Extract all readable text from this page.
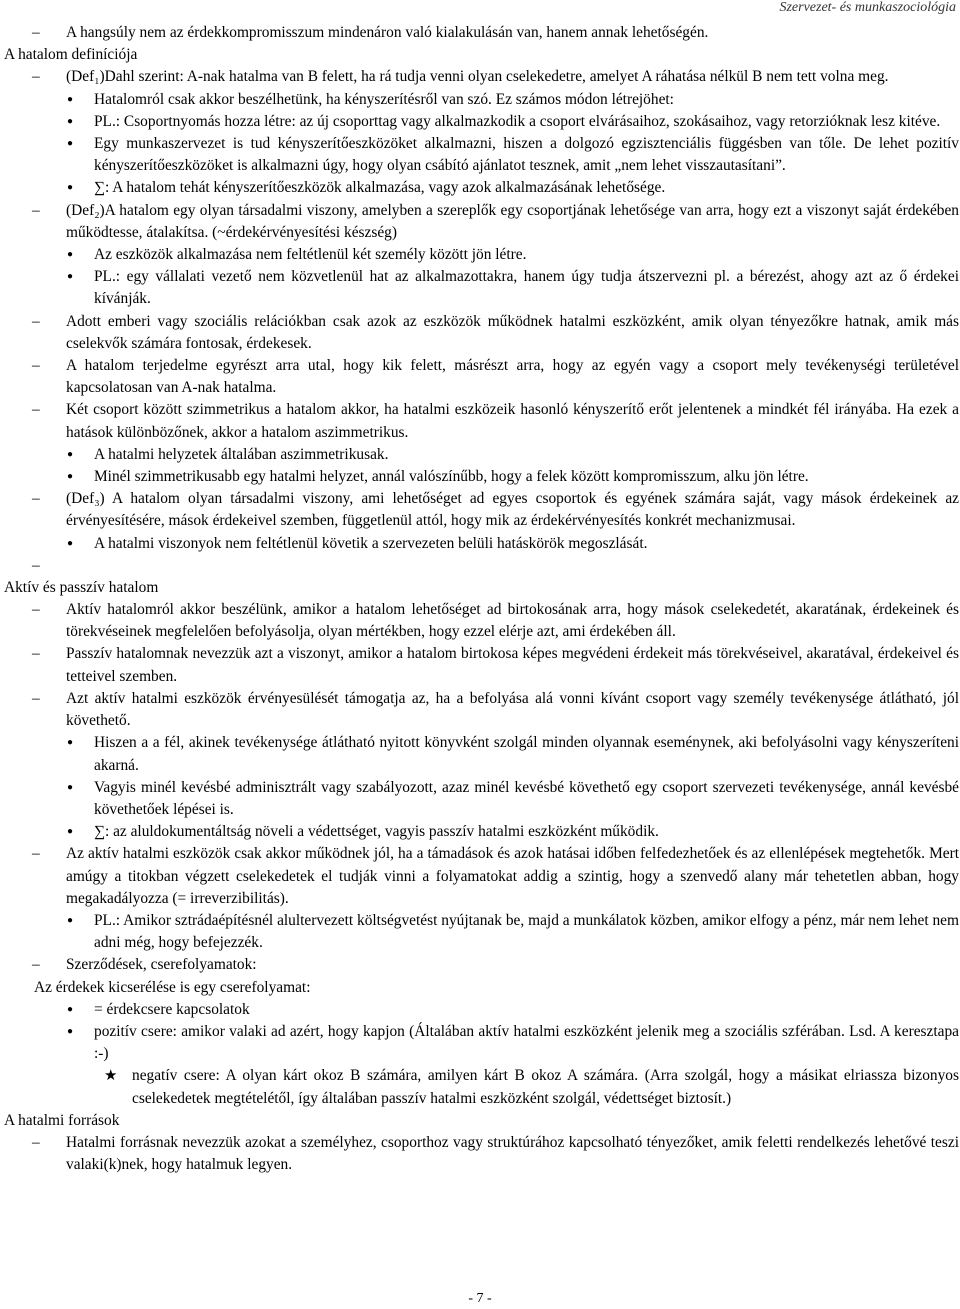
Szervezet- és munkaszociológia
– A hangsúly nem az érdekkompromisszum mindenáron való kialakulásán van, hanem annak lehetőségén.
A hatalom definíciója
– (Def₁)Dahl szerint: A-nak hatalma van B felett, ha rá tudja venni olyan cselekedetre, amelyet A ráhatása nélkül B nem tett volna meg.
● Hatalomról csak akkor beszélhetünk, ha kényszerítésről van szó. Ez számos módon létrejöhet:
● PL.: Csoportnyomás hozza létre: az új csoporttag vagy alkalmazkodik a csoport elvárásaihoz, szokásaihoz, vagy retorzióknak lesz kitéve.
● Egy munkaszervezet is tud kényszerítőeszközöket alkalmazni, hiszen a dolgozó egzisztenciális függésben van tőle. De lehet pozitív kényszerítőeszközöket is alkalmazni úgy, hogy olyan csábító ajánlatot tesznek, amit „nem lehet visszautasítani”.
● ∑: A hatalom tehát kényszerítőeszközök alkalmazása, vagy azok alkalmazásának lehetősége.
– (Def₂)A hatalom egy olyan társadalmi viszony, amelyben a szereplők egy csoportjának lehetősége van arra, hogy ezt a viszonyt saját érdekében működtesse, átalakítsa. (~érdekérvényesítési készség)
● Az eszközök alkalmazása nem feltétlenül két személy között jön létre.
● PL.: egy vállalati vezető nem közvetlenül hat az alkalmazottakra, hanem úgy tudja átszervezni pl. a bérezést, ahogy azt az ő érdekei kívánják.
– Adott emberi vagy szociális relációkban csak azok az eszközök működnek hatalmi eszközként, amik olyan tényezőkre hatnak, amik más cselekvők számára fontosak, érdekesek.
– A hatalom terjedelme egyrészt arra utal, hogy kik felett, másrészt arra, hogy az egyén vagy a csoport mely tevékenységi területével kapcsolatosan van A-nak hatalma.
– Két csoport között szimmetrikus a hatalom akkor, ha hatalmi eszközeik hasonló kényszerítő erőt jelentenek a mindkét fél irányába. Ha ezek a hatások különbözőnek, akkor a hatalom aszimmetrikus.
● A hatalmi helyzetek általában aszimmetrikusak.
● Minél szimmetrikusabb egy hatalmi helyzet, annál valószínűbb, hogy a felek között kompromisszum, alku jön létre.
– (Def₃) A hatalom olyan társadalmi viszony, ami lehetőséget ad egyes csoportok és egyének számára saját, vagy mások érdekeinek az érvényesítésére, mások érdekeivel szemben, függetlenül attól, hogy mik az érdekérvényesítés konkrét mechanizmusai.
● A hatalmi viszonyok nem feltétlenül követik a szervezeten belüli hatáskörök megoszlását.
–
Aktív és passzív hatalom
– Aktív hatalomról akkor beszélünk, amikor a hatalom lehetőséget ad birtokosának arra, hogy mások cselekedetét, akaratának, érdekeinek és törekvéseinek megfelelően befolyásolja, olyan mértékben, hogy ezzel elérje azt, ami érdekében áll.
– Passzív hatalomnak nevezzük azt a viszonyt, amikor a hatalom birtokosa képes megvédeni érdekeit más törekvéseivel, akaratával, érdekeivel és tetteivel szemben.
– Azt aktív hatalmi eszközök érvényesülését támogatja az, ha a befolyása alá vonni kívánt csoport vagy személy tevékenysége átlátható, jól követhető.
● Hiszen a a fél, akinek tevékenysége átlátható nyitott könyvként szolgál minden olyannak eseménynek, aki befolyásolni vagy kényszeríteni akarná.
● Vagyis minél kevésbé adminisztrált vagy szabályozott, azaz minél kevésbé követhető egy csoport szervezeti tevékenysége, annál kevésbé követhetőek lépései is.
● ∑: az aluldokumentáltság növeli a védettséget, vagyis passzív hatalmi eszközként működik.
– Az aktív hatalmi eszközök csak akkor működnek jól, ha a támadások és azok hatásai időben felfedezhetőek és az ellenlépések megtehetők. Mert amúgy a titokban végzett cselekedetek el tudják vinni a folyamatokat addig a szintig, hogy a szenvedő alany már tehetetlen abban, hogy megakadályozza (= irreverzibilitás).
● PL.: Amikor sztrádaépítésnél alultervezett költségvetést nyújtanak be, majd a munkálatok közben, amikor elfogy a pénz, már nem lehet nem adni még, hogy befejezzék.
– Szerződések, cserefolyamatok:
Az érdekek kicserélése is egy cserefolyamat:
● = érdekcsere kapcsolatok
● pozitív csere: amikor valaki ad azért, hogy kapjon (Általában aktív hatalmi eszközként jelenik meg a szociális szférában. Lsd. A keresztapa :-)
★ negatív csere: A olyan kárt okoz B számára, amilyen kárt B okoz A számára. (Arra szolgál, hogy a másikat elriassza bizonyos cselekedetek megtételétől, így általában passzív hatalmi eszközként szolgál, védettséget biztosít.)
A hatalmi források
– Hatalmi forrásnak nevezzük azokat a személyhez, csoporthoz vagy struktúrához kapcsolható tényezőket, amik feletti rendelkezés lehetővé teszi valaki(k)nek, hogy hatalmuk legyen.
- 7 -
